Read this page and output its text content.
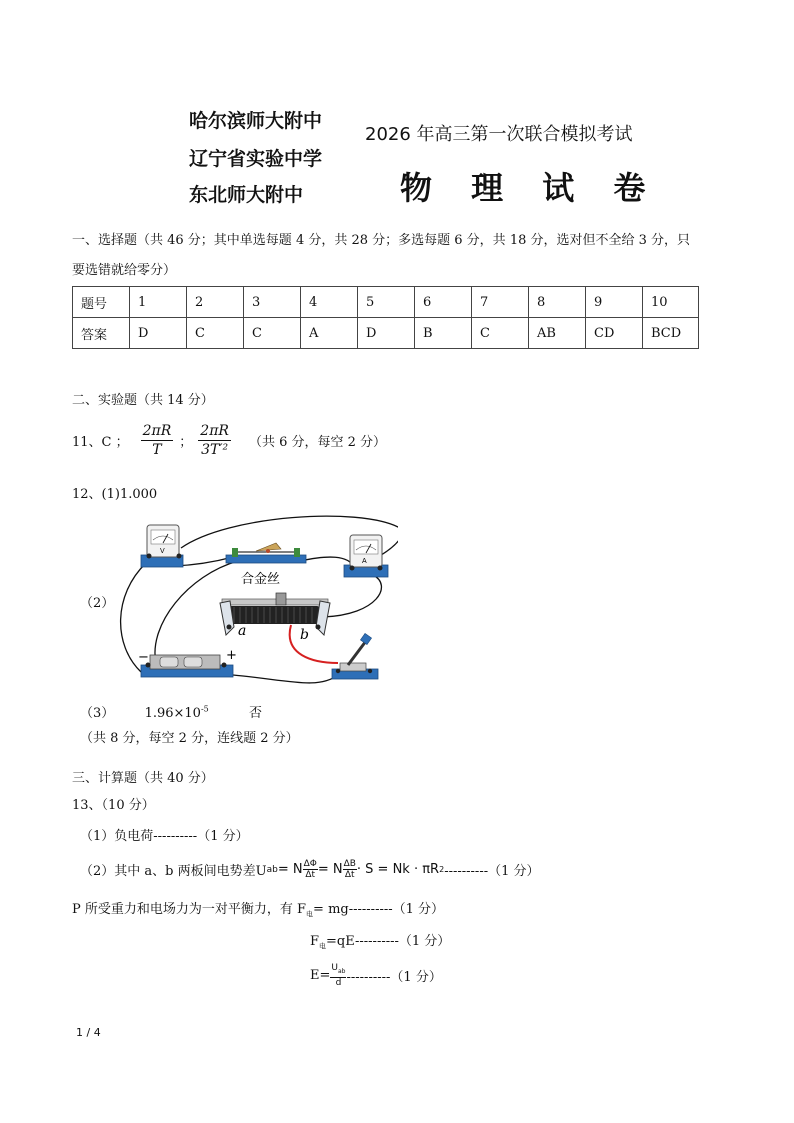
哈尔滨师大附中
辽宁省实验中学
东北师大附中
2026 年高三第一次联合模拟考试
物 理 试 卷
一、选择题（共 46 分；其中单选每题 4 分，共 28 分；多选每题 6 分，共 18 分，选对但不全给 3 分，只
要选错就给零分）
题号	1	2	3	4	5	6	7	8	9	10
答案	D	C	C	A	D	B	C	AB	CD	BCD
二、实验题（共 14 分）
11、C ； $\frac{2\pi R}{T}$ ； $\frac{2\pi R}{\text{3T′²}}$ （共 6 分，每空 2 分）
12、(1)1.000
（2）
V
合金丝
A
a	b
−	+
（3） $1.96\times 10^{-5}$	否
（共 8 分，每空 2 分，连线题 2 分）
三、计算题（共 40 分）
13、（10 分）
（1）负电荷----------（1 分）
（2）其中 a、b 两板间电势差U ab = N $\frac{\Delta\Phi}{\Delta t} = N \frac{\Delta B}{\Delta t} \cdot S = Nk \cdot \pi R$ 2 ----------（1 分）
P 所受重力和电场力为一对平衡力，有 $F_电= mg----------(1$ 分）
$F_电=qE----------(1$ 分）
$E= \frac{U_{ab}}{d} ----------(1$ 分）
1 / 4
